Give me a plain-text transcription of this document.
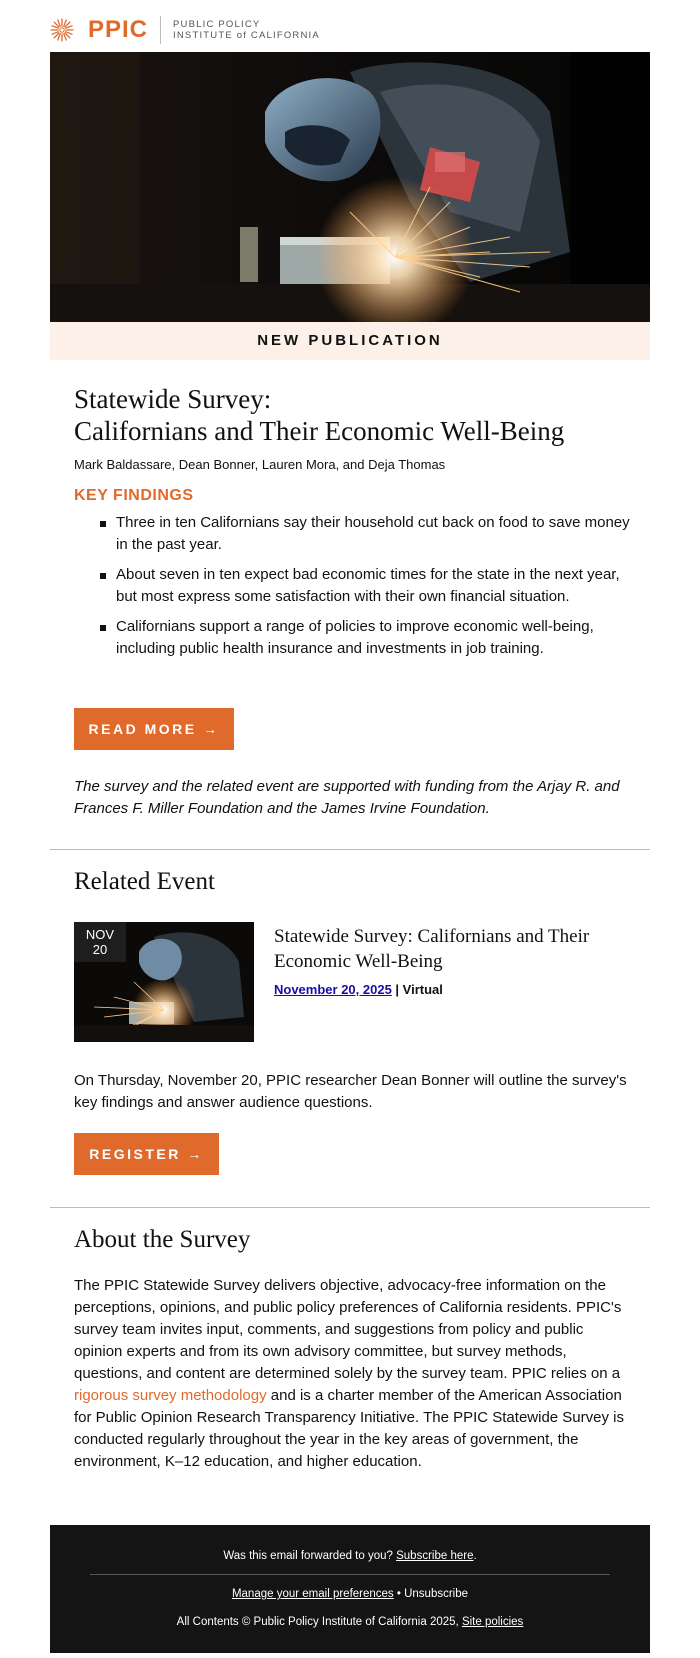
PPIC	PUBLIC POLICY
INSTITUTE of CALIFORNIA
NEW PUBLICATION
Statewide Survey:
Californians and Their Economic Well-Being
Mark Baldassare, Dean Bonner, Lauren Mora, and Deja Thomas
KEY FINDINGS
Three in ten Californians say their household cut back on food to save money in the past year.
About seven in ten expect bad economic times for the state in the next year, but most express some satisfaction with their own financial situation.
Californians support a range of policies to improve economic well-being, including public health insurance and investments in job training.
READ MORE →
The survey and the related event are supported with funding from the Arjay R. and Frances F. Miller Foundation and the James Irvine Foundation.
Related Event
NOV
20
Statewide Survey: Californians and Their Economic Well-Being
November 20, 2025 | Virtual
On Thursday, November 20, PPIC researcher Dean Bonner will outline the survey's key findings and answer audience questions.
REGISTER →
About the Survey
The PPIC Statewide Survey delivers objective, advocacy-free information on the perceptions, opinions, and public policy preferences of California residents. PPIC's survey team invites input, comments, and suggestions from policy and public opinion experts and from its own advisory committee, but survey methods, questions, and content are determined solely by the survey team. PPIC relies on a rigorous survey methodology and is a charter member of the American Association for Public Opinion Research Transparency Initiative. The PPIC Statewide Survey is conducted regularly throughout the year in the key areas of government, the environment, K–12 education, and higher education.
Was this email forwarded to you? Subscribe here.
Manage your email preferences • Unsubscribe
All Contents © Public Policy Institute of California 2025, Site policies
